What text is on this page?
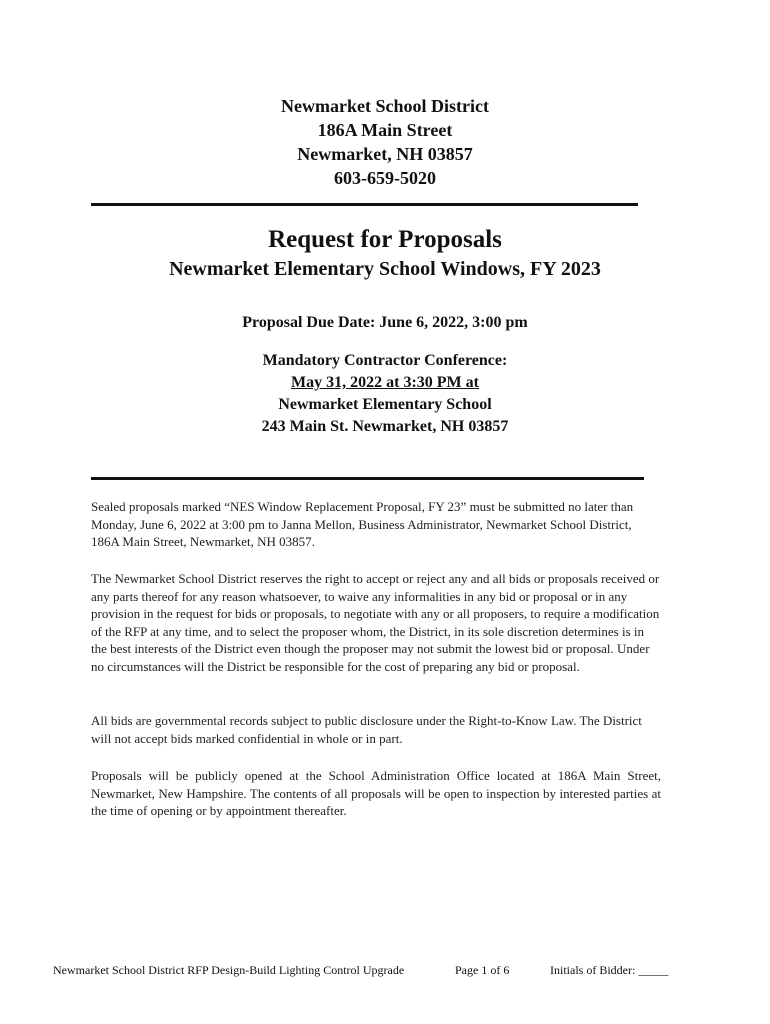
Newmarket School District
186A Main Street
Newmarket, NH 03857
603-659-5020
Request for Proposals
Newmarket Elementary School Windows, FY 2023
Proposal Due Date: June 6, 2022, 3:00 pm
Mandatory Contractor Conference:
May 31, 2022 at 3:30 PM at
Newmarket Elementary School
243 Main St. Newmarket, NH 03857

Sealed proposals marked “NES Window Replacement Proposal, FY 23” must be submitted no later than Monday, June 6, 2022 at 3:00 pm to Janna Mellon, Business Administrator, Newmarket School District, 186A Main Street, Newmarket, NH 03857.

The Newmarket School District reserves the right to accept or reject any and all bids or proposals received or any parts thereof for any reason whatsoever, to waive any informalities in any bid or proposal or in any provision in the request for bids or proposals, to negotiate with any or all proposers, to require a modification of the RFP at any time, and to select the proposer whom, the District, in its sole discretion determines is in the best interests of the District even though the proposer may not submit the lowest bid or proposal. Under no circumstances will the District be responsible for the cost of preparing any bid or proposal.

All bids are governmental records subject to public disclosure under the Right-to-Know Law. The District will not accept bids marked confidential in whole or in part.

Proposals will be publicly opened at the School Administration Office located at 186A Main Street, Newmarket, New Hampshire. The contents of all proposals will be open to inspection by interested parties at the time of opening or by appointment thereafter.

Newmarket School District RFP Design-Build Lighting Control Upgrade	Page 1 of 6	Initials of Bidder: _____
